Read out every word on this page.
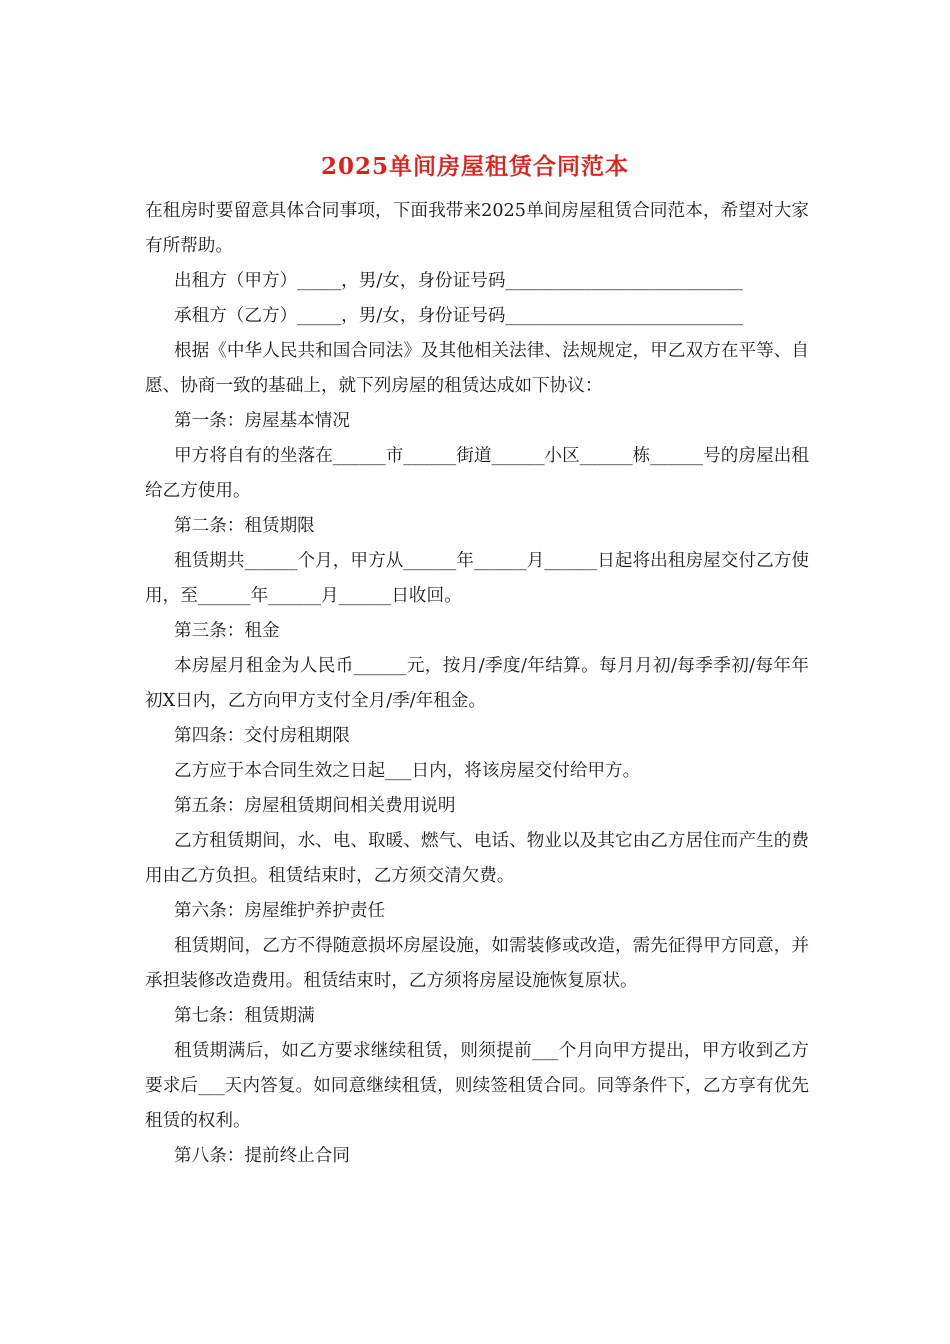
2025单间房屋租赁合同范本

在租房时要留意具体合同事项，下面我带来2025单间房屋租赁合同范本，希望对大家有所帮助。

出租方（甲方）_____，男/女，身份证号码___________________________

承租方（乙方）_____，男/女，身份证号码___________________________

根据《中华人民共和国合同法》及其他相关法律、法规规定，甲乙双方在平等、自愿、协商一致的基础上，就下列房屋的租赁达成如下协议：

第一条：房屋基本情况

甲方将自有的坐落在______市______街道______小区______栋______号的房屋出租给乙方使用。

第二条：租赁期限

租赁期共______个月，甲方从______年______月______日起将出租房屋交付乙方使用，至______年______月______日收回。

第三条：租金

本房屋月租金为人民币______元，按月/季度/年结算。每月月初/每季季初/每年年初X日内，乙方向甲方支付全月/季/年租金。

第四条：交付房租期限

乙方应于本合同生效之日起___日内，将该房屋交付给甲方。

第五条：房屋租赁期间相关费用说明

乙方租赁期间，水、电、取暖、燃气、电话、物业以及其它由乙方居住而产生的费用由乙方负担。租赁结束时，乙方须交清欠费。

第六条：房屋维护养护责任

租赁期间，乙方不得随意损坏房屋设施，如需装修或改造，需先征得甲方同意，并承担装修改造费用。租赁结束时，乙方须将房屋设施恢复原状。

第七条：租赁期满

租赁期满后，如乙方要求继续租赁，则须提前___个月向甲方提出，甲方收到乙方要求后___天内答复。如同意继续租赁，则续签租赁合同。同等条件下，乙方享有优先租赁的权利。

第八条：提前终止合同
